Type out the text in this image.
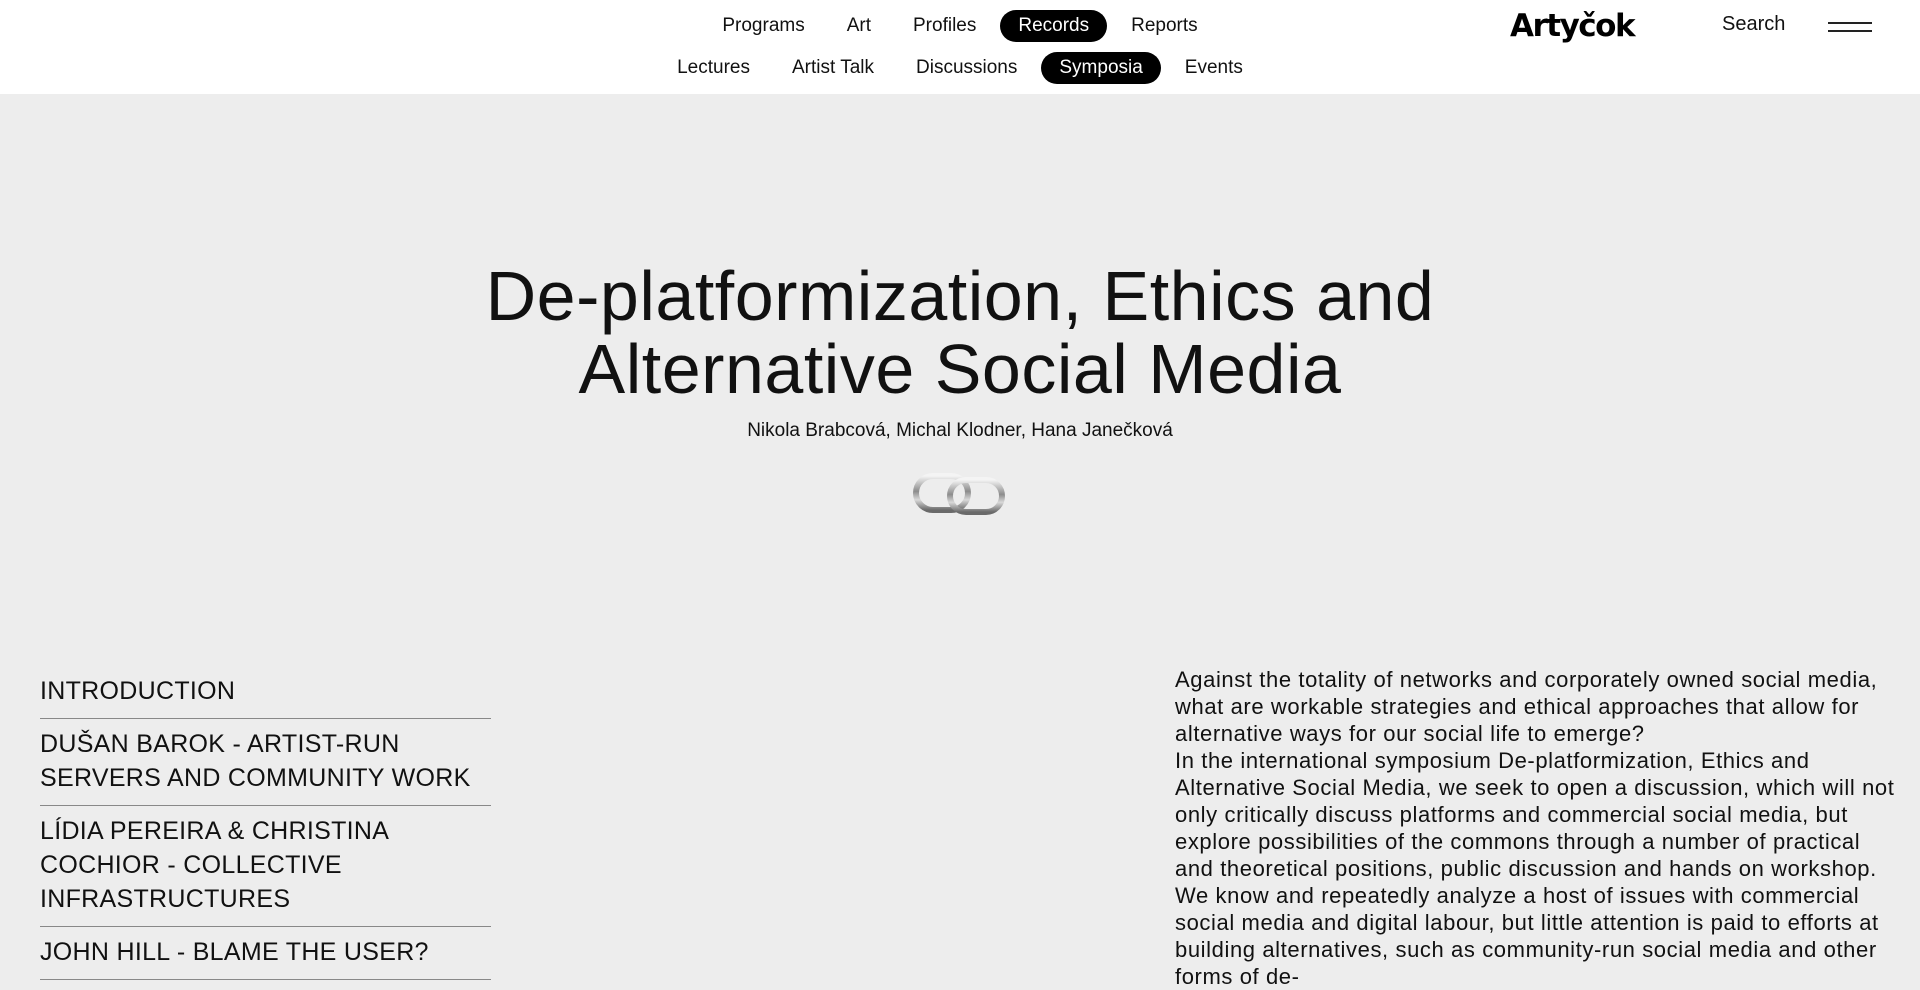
Programs	Art	Profiles	Records	Reports
Lectures	Artist Talk	Discussions	Symposia	Events
Artyčok	Search
De-platformization, Ethics and
Alternative Social Media
Nikola Brabcová, Michal Klodner, Hana Janečková
INTRODUCTION
DUŠAN BAROK - ARTIST-RUN SERVERS AND COMMUNITY WORK
LÍDIA PEREIRA & CHRISTINA COCHIOR - COLLECTIVE INFRASTRUCTURES
JOHN HILL - BLAME THE USER?

Against the totality of networks and corporately owned social media, what are workable strategies and ethical approaches that allow for alternative ways for our social life to emerge?

In the international symposium De-platformization, Ethics and Alternative Social Media, we seek to open a discussion, which will not only critically discuss platforms and commercial social media, but explore possibilities of the commons through a number of practical and theoretical positions, public discussion and hands on workshop.

We know and repeatedly analyze a host of issues with commercial social media and digital labour, but little attention is paid to efforts at building alternatives, such as community-run social media and other forms of de-
